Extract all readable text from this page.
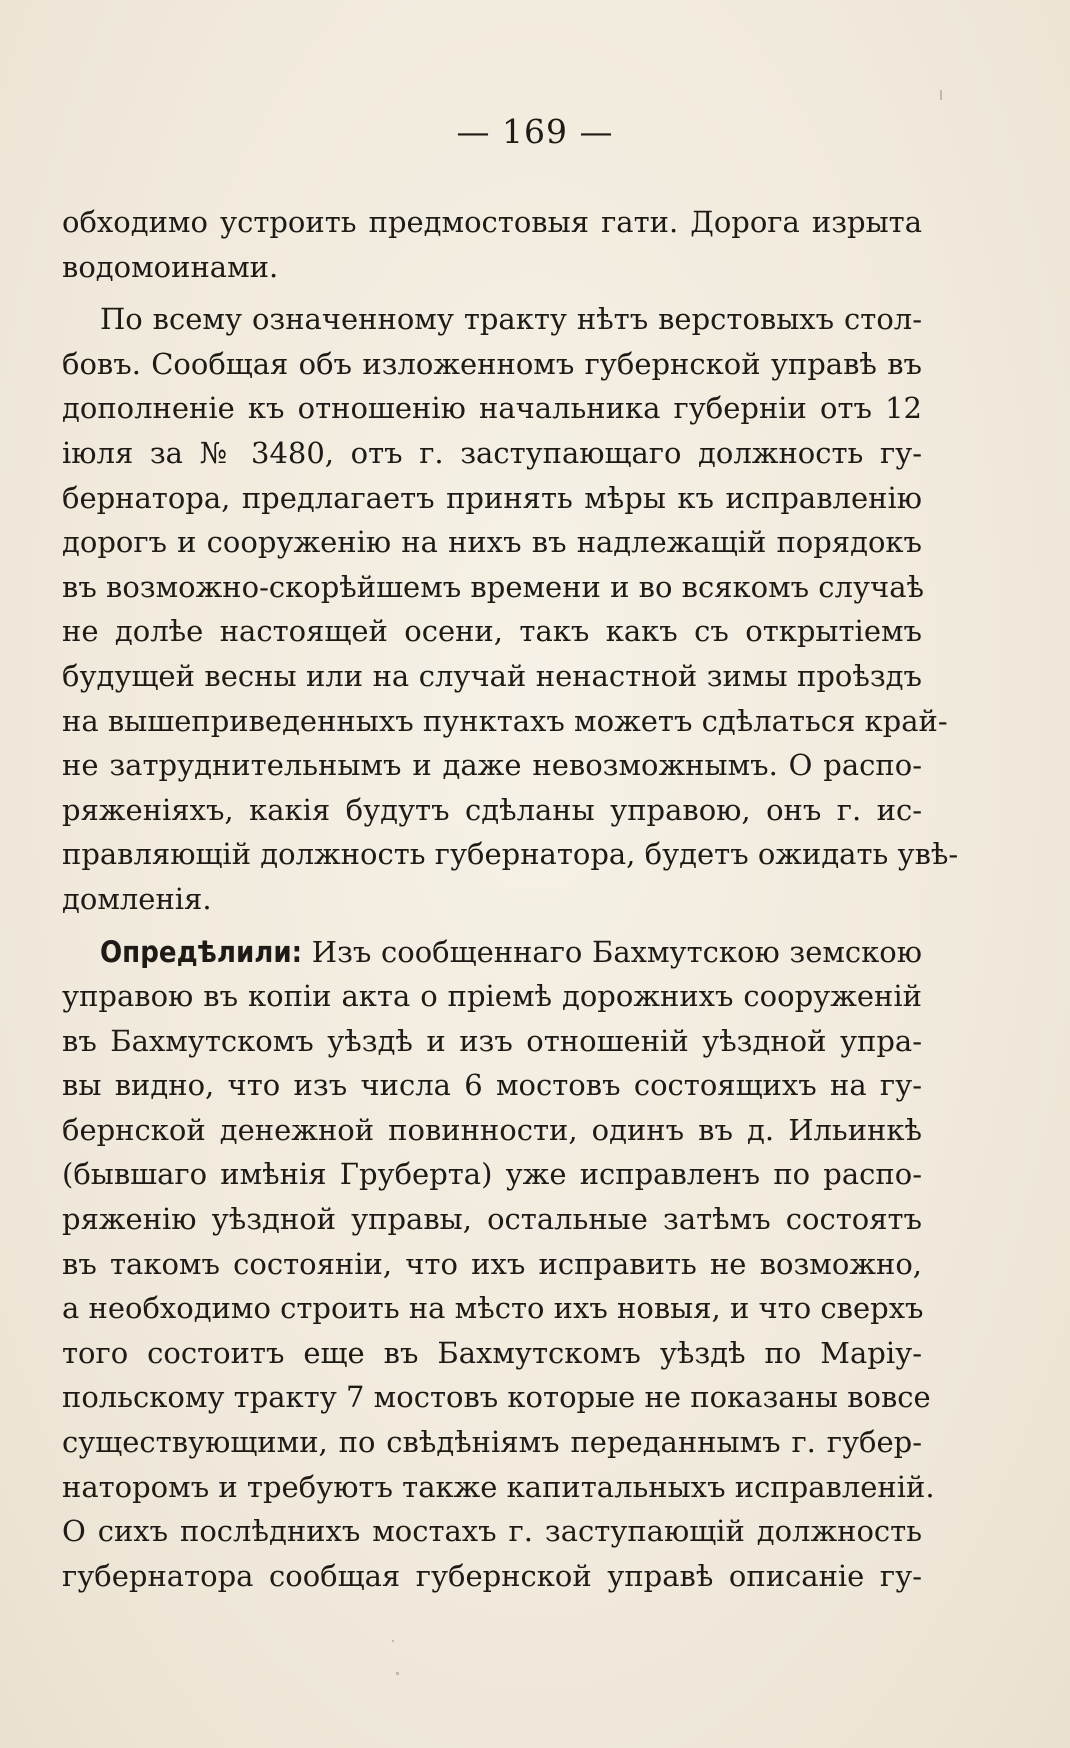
— 169 —
обходимо устроить предмостовыя гати. Дорога изрыта
водомоинами.
По всему означенному тракту нѣтъ верстовыхъ стол-
бовъ. Сообщая объ изложенномъ губернской управѣ въ
дополненіе къ отношенію начальника губерніи отъ 12
іюля за № 3480, отъ г. заступающаго должность гу-
бернатора, предлагаетъ принять мѣры къ исправленію
дорогъ и сооруженію на нихъ въ надлежащій порядокъ
въ возможно-скорѣйшемъ времени и во всякомъ случаѣ
не долѣе настоящей осени, такъ какъ съ открытіемъ
будущей весны или на случай ненастной зимы проѣздъ
на вышеприведенныхъ пунктахъ можетъ сдѣлаться край-
не затруднительнымъ и даже невозможнымъ. О распо-
ряженіяхъ, какія будутъ сдѣланы управою, онъ г. ис-
правляющій должность губернатора, будетъ ожидать увѣ-
домленія.
Опредѣлили: Изъ сообщеннаго Бахмутскою земскою
управою въ копіи акта о пріемѣ дорожнихъ сооруженій
въ Бахмутскомъ уѣздѣ и изъ отношеній уѣздной упра-
вы видно, что изъ числа 6 мостовъ состоящихъ на гу-
бернской денежной повинности, одинъ въ д. Ильинкѣ
(бывшаго имѣнія Груберта) уже исправленъ по распо-
ряженію уѣздной управы, остальные затѣмъ состоятъ
въ такомъ состояніи, что ихъ исправить не возможно,
а необходимо строить на мѣсто ихъ новыя, и что сверхъ
того состоитъ еще въ Бахмутскомъ уѣздѣ по Маріу-
польскому тракту 7 мостовъ которые не показаны вовсе
существующими, по свѣдѣніямъ переданнымъ г. губер-
наторомъ и требуютъ также капитальныхъ исправленій.
О сихъ послѣднихъ мостахъ г. заступающій должность
губернатора сообщая губернской управѣ описаніе гу-
